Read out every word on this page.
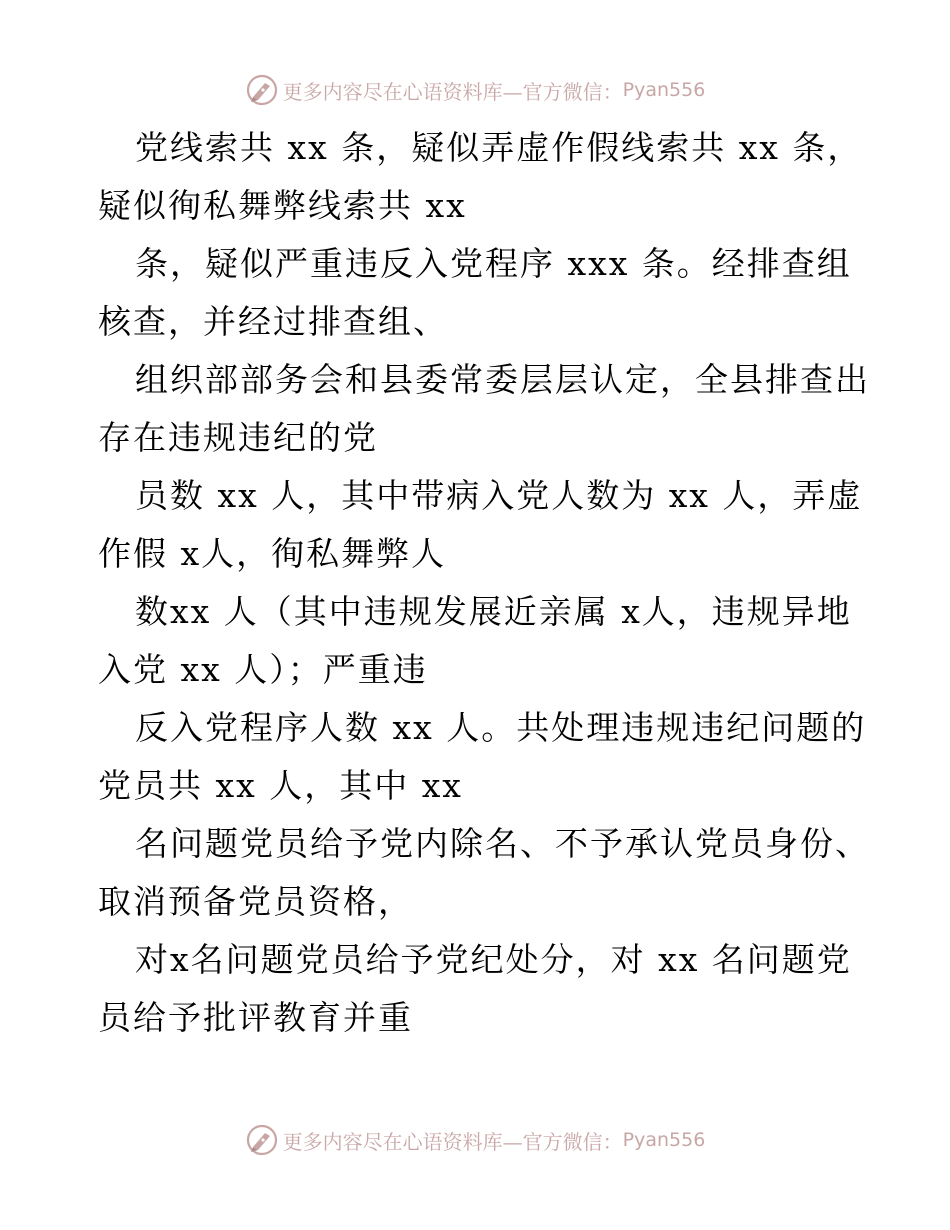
更多内容尽在心语资料库—官方微信： Pyan556
党线索共 xx 条，疑似弄虚作假线索共 xx 条，
疑似徇私舞弊线索共 xx
条，疑似严重违反入党程序 xxx 条。经排查组
核查，并经过排查组、
组织部部务会和县委常委层层认定，全县排查出
存在违规违纪的党
员数 xx 人，其中带病入党人数为 xx 人，弄虚
作假 x人，徇私舞弊人
数xx 人（其中违规发展近亲属 x人，违规异地
入党 xx 人）；严重违
反入党程序人数 xx 人。共处理违规违纪问题的
党员共 xx 人，其中 xx
名问题党员给予党内除名、不予承认党员身份、
取消预备党员资格，
对x名问题党员给予党纪处分，对 xx 名问题党
员给予批评教育并重
更多内容尽在心语资料库—官方微信： Pyan556
